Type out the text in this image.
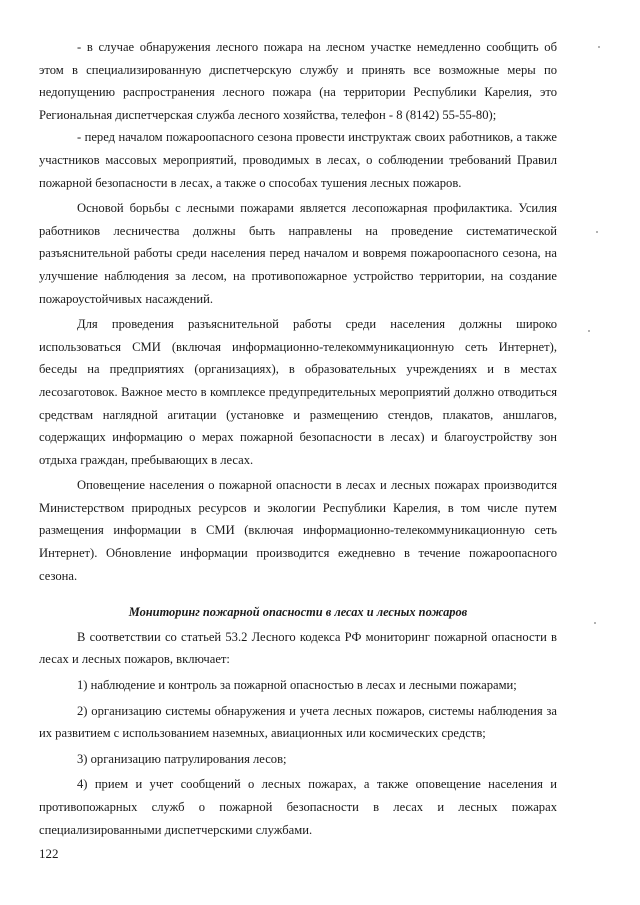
- в случае обнаружения лесного пожара на лесном участке немедленно сообщить об этом в специализированную диспетчерскую службу и принять все возможные меры по недопущению распространения лесного пожара (на территории Республики Карелия, это Региональная диспетчерская служба лесного хозяйства, телефон - 8 (8142) 55-55-80);

- перед началом пожароопасного сезона провести инструктаж своих работников, а также участников массовых мероприятий, проводимых в лесах, о соблюдении требований Правил пожарной безопасности в лесах, а также о способах тушения лесных пожаров.

Основой борьбы с лесными пожарами является лесопожарная профилактика. Усилия работников лесничества должны быть направлены на проведение систематической разъяснительной работы среди населения перед началом и вовремя пожароопасного сезона, на улучшение наблюдения за лесом, на противопожарное устройство территории, на создание пожароустойчивых насаждений.

Для проведения разъяснительной работы среди населения должны широко использоваться СМИ (включая информационно-телекоммуникационную сеть Интернет), беседы на предприятиях (организациях), в образовательных учреждениях и в местах лесозаготовок. Важное место в комплексе предупредительных мероприятий должно отводиться средствам наглядной агитации (установке и размещению стендов, плакатов, аншлагов, содержащих информацию о мерах пожарной безопасности в лесах) и благоустройству зон отдыха граждан, пребывающих в лесах.

Оповещение населения о пожарной опасности в лесах и лесных пожарах производится Министерством природных ресурсов и экологии Республики Карелия, в том числе путем размещения информации в СМИ (включая информационно-телекоммуникационную сеть Интернет). Обновление информации производится ежедневно в течение пожароопасного сезона.

Мониторинг пожарной опасности в лесах и лесных пожаров

В соответствии со статьей 53.2 Лесного кодекса РФ мониторинг пожарной опасности в лесах и лесных пожаров, включает:

1) наблюдение и контроль за пожарной опасностью в лесах и лесными пожарами;

2) организацию системы обнаружения и учета лесных пожаров, системы наблюдения за их развитием с использованием наземных, авиационных или космических средств;

3) организацию патрулирования лесов;

4) прием и учет сообщений о лесных пожарах, а также оповещение населения и противопожарных служб о пожарной безопасности в лесах и лесных пожарах специализированными диспетчерскими службами.

122
